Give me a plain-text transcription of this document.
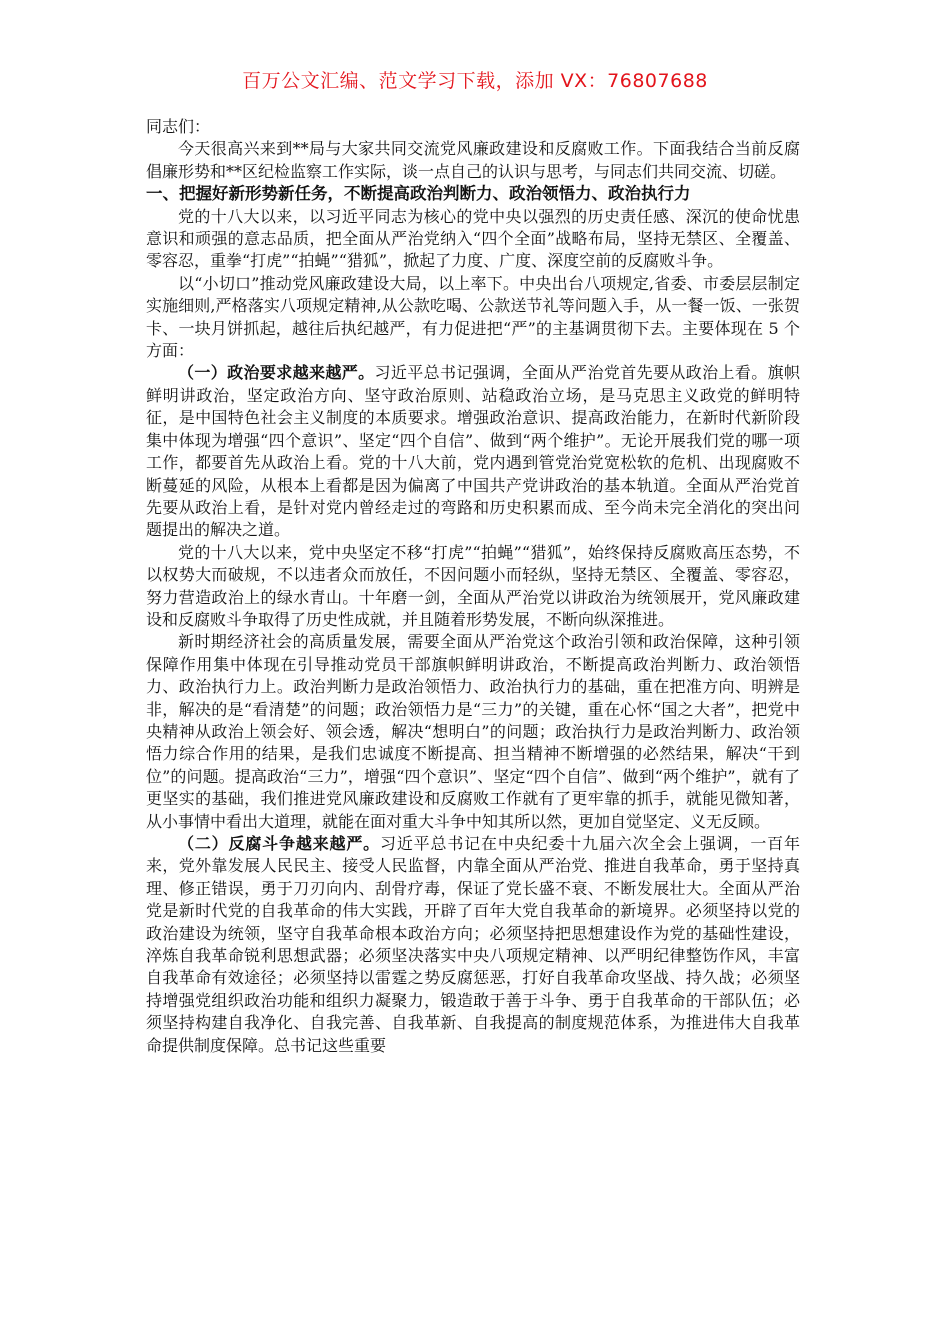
百万公文汇编、范文学习下载，添加 VX：76807688

同志们：

今天很高兴来到**局与大家共同交流党风廉政建设和反腐败工作。下面我结合当前反腐倡廉形势和**区纪检监察工作实际，谈一点自己的认识与思考，与同志们共同交流、切磋。

一、把握好新形势新任务，不断提高政治判断力、政治领悟力、政治执行力

党的十八大以来，以习近平同志为核心的党中央以强烈的历史责任感、深沉的使命忧患意识和顽强的意志品质，把全面从严治党纳入“四个全面”战略布局，坚持无禁区、全覆盖、零容忍，重拳“打虎”“拍蝇”“猎狐”，掀起了力度、广度、深度空前的反腐败斗争。

以“小切口”推动党风廉政建设大局，以上率下。中央出台八项规定,省委、市委层层制定实施细则,严格落实八项规定精神,从公款吃喝、公款送节礼等问题入手，从一餐一饭、一张贺卡、一块月饼抓起，越往后执纪越严，有力促进把“严”的主基调贯彻下去。主要体现在 5 个方面：

（一）政治要求越来越严。习近平总书记强调，全面从严治党首先要从政治上看。旗帜鲜明讲政治，坚定政治方向、坚守政治原则、站稳政治立场，是马克思主义政党的鲜明特征，是中国特色社会主义制度的本质要求。增强政治意识、提高政治能力，在新时代新阶段集中体现为增强“四个意识”、坚定“四个自信”、做到“两个维护”。无论开展我们党的哪一项工作，都要首先从政治上看。党的十八大前，党内遇到管党治党宽松软的危机、出现腐败不断蔓延的风险，从根本上看都是因为偏离了中国共产党讲政治的基本轨道。全面从严治党首先要从政治上看，是针对党内曾经走过的弯路和历史积累而成、至今尚未完全消化的突出问题提出的解决之道。

党的十八大以来，党中央坚定不移“打虎”“拍蝇”“猎狐”，始终保持反腐败高压态势，不以权势大而破规，不以违者众而放任，不因问题小而轻纵，坚持无禁区、全覆盖、零容忍，努力营造政治上的绿水青山。十年磨一剑，全面从严治党以讲政治为统领展开，党风廉政建设和反腐败斗争取得了历史性成就，并且随着形势发展，不断向纵深推进。

新时期经济社会的高质量发展，需要全面从严治党这个政治引领和政治保障，这种引领保障作用集中体现在引导推动党员干部旗帜鲜明讲政治，不断提高政治判断力、政治领悟力、政治执行力上。政治判断力是政治领悟力、政治执行力的基础，重在把准方向、明辨是非，解决的是“看清楚”的问题；政治领悟力是“三力”的关键，重在心怀“国之大者”，把党中央精神从政治上领会好、领会透，解决“想明白”的问题；政治执行力是政治判断力、政治领悟力综合作用的结果，是我们忠诚度不断提高、担当精神不断增强的必然结果，解决“干到位”的问题。提高政治“三力”，增强“四个意识”、坚定“四个自信”、做到“两个维护”，就有了更坚实的基础，我们推进党风廉政建设和反腐败工作就有了更牢靠的抓手，就能见微知著，从小事情中看出大道理，就能在面对重大斗争中知其所以然，更加自觉坚定、义无反顾。

（二）反腐斗争越来越严。习近平总书记在中央纪委十九届六次全会上强调，一百年来，党外靠发展人民民主、接受人民监督，内靠全面从严治党、推进自我革命，勇于坚持真理、修正错误，勇于刀刃向内、刮骨疗毒，保证了党长盛不衰、不断发展壮大。全面从严治党是新时代党的自我革命的伟大实践，开辟了百年大党自我革命的新境界。必须坚持以党的政治建设为统领，坚守自我革命根本政治方向；必须坚持把思想建设作为党的基础性建设，淬炼自我革命锐利思想武器；必须坚决落实中央八项规定精神、以严明纪律整饬作风，丰富自我革命有效途径；必须坚持以雷霆之势反腐惩恶，打好自我革命攻坚战、持久战；必须坚持增强党组织政治功能和组织力凝聚力，锻造敢于善于斗争、勇于自我革命的干部队伍；必须坚持构建自我净化、自我完善、自我革新、自我提高的制度规范体系，为推进伟大自我革命提供制度保障。总书记这些重要
